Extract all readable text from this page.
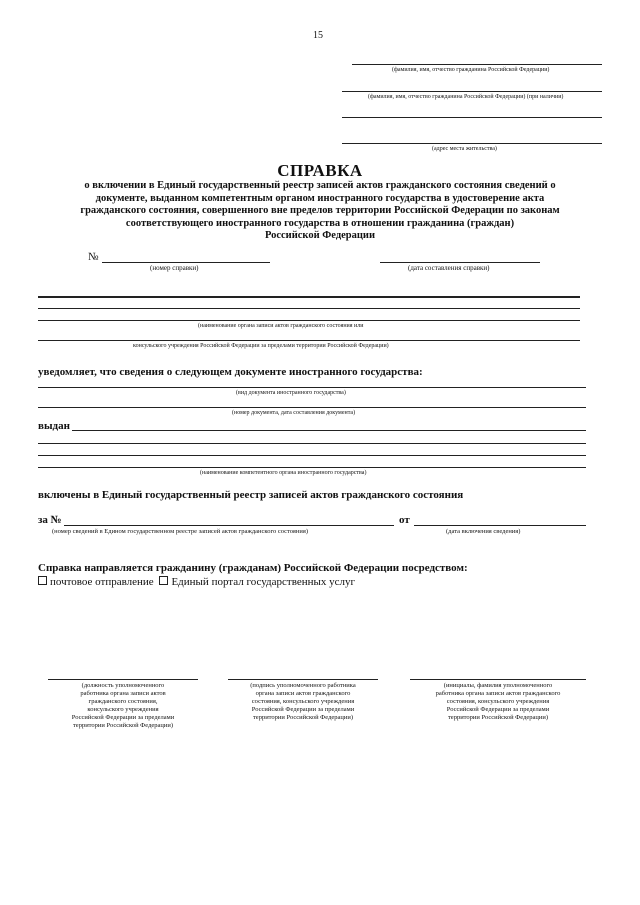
15
(фамилия, имя, отчество гражданина Российской Федерации)
(фамилия, имя, отчество гражданина Российской Федерации) (при наличии)
(адрес места жительства)
СПРАВКА
о включении в Единый государственный реестр записей актов гражданского состояния сведений о
документе, выданном компетентным органом иностранного государства в удостоверение акта
гражданского состояния, совершенного вне пределов территории Российской Федерации по законам
соответствующего иностранного государства в отношении гражданина (граждан)
Российской Федерации
№
(номер справки)	(дата составления справки)
(наименование органа записи актов гражданского состояния или
консульского учреждения Российской Федерации за пределами территории Российской Федерации)
уведомляет, что сведения о следующем документе иностранного государства:
(вид документа иностранного государства)
(номер документа, дата составления документа)
выдан
(наименование компетентного органа иностранного государства)
включены в Единый государственный реестр записей актов гражданского состояния
за №	от
(номер сведений в Едином государственном реестре записей актов гражданского состояния)	(дата включения сведения)
Справка направляется гражданину (гражданам) Российской Федерации посредством:
почтовое отправление Единый портал государственных услуг
(должность уполномоченного
работника органа записи актов
гражданского состояния,
консульского учреждения
Российской Федерации за пределами
территории Российской Федерации)
(подпись уполномоченного работника
органа записи актов гражданского
состояния, консульского учреждения
Российской Федерации за пределами
территории Российской Федерации)
(инициалы, фамилия уполномоченного
работника органа записи актов гражданского
состояния, консульского учреждения
Российской Федерации за пределами
территории Российской Федерации)
